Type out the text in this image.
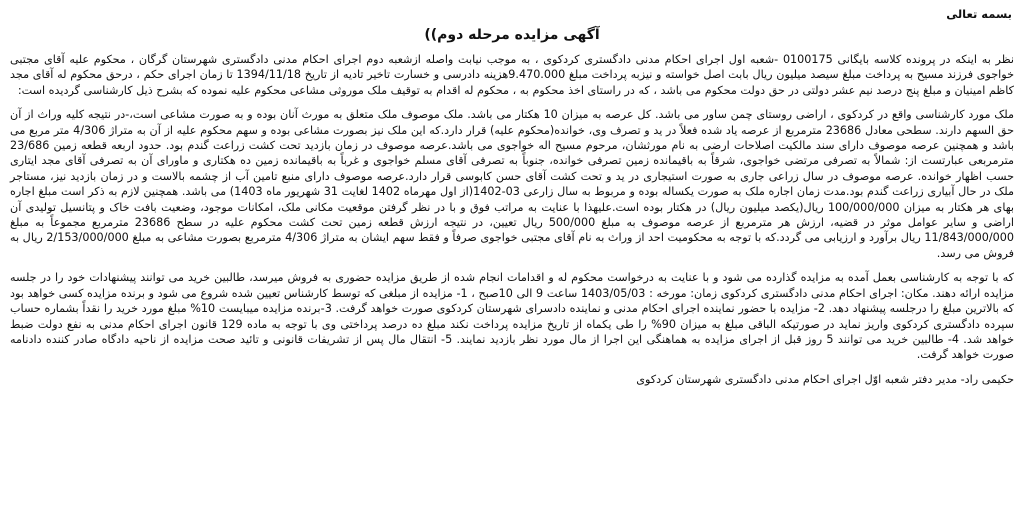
بسمه تعالی
آگهی مزایده مرحله دوم))

نظر به اینکه در پرونده کلاسه بایگانی 0100175 -شعبه اول اجرای احکام مدنی دادگستری کردکوی ، به موجب نیابت واصله ازشعبه دوم اجرای احکام مدنی دادگستری شهرستان گرگان ، محکوم علیه آقای مجتبی خواجوی فرزند مسیح به پرداخت مبلغ سیصد میلیون ریال بابت اصل خواسته و نیزبه پرداخت مبلغ 9.470.000هزینه دادرسی و خسارت تاخیر تادیه از تاریخ 1394/11/18 تا زمان اجرای حکم ، درحق محکوم له آقای مجد کاظم امینیان و مبلغ پنج درصد نیم عشر دولتی در حق دولت محکوم می باشد ، که در راستای اخذ محکوم به ، محکوم له اقدام به توقیف ملک موروثی مشاعی محکوم علیه نموده که بشرح ذیل کارشناسی گردیده است:

ملک مورد کارشناسی واقع در کردکوی ، اراضی روستای چمن ساور می باشد. کل عرصه به میزان 10 هکتار می باشد. ملک موصوف ملک متعلق به مورث آنان بوده و به صورت مشاعی است،-در نتیجه کلیه وراث از آن حق السهم دارند. سطحی معادل 23686 مترمربع از عرصه یاد شده فعلاً در ید و تصرف وی، خوانده(محکوم علیه) قرار دارد.که این ملک نیز بصورت مشاعی بوده و سهم محکوم علیه از آن به متراژ 4/306 متر مربع می باشد و همچنین عرصه موصوف دارای سند مالکیت اصلاحات ارضی به نام مورثشان، مرحوم مسیح اله خواجوی می باشد.عرصه موصوف در زمان بازدید تحت کشت زراعت گندم بود. حدود اربعه قطعه زمین 23/686 مترمربعی عبارتست از: شمالاً به تصرفی مرتضی خواجوی، شرقاً به باقیمانده زمین تصرفی خوانده، جنوباً به تصرفی آقای مسلم خواجوی و غرباً به باقیمانده زمین ده هکتاری و ماورای آن به تصرفی آقای مجد ایتاری حسب اظهار خوانده. عرصه موصوف در سال زراعی جاری به صورت استیجاری در ید و تحت کشت آقای حسن کابوسی قرار دارد.عرصه موصوف دارای منبع تامین آب از چشمه بالاست و در زمان بازدید نیز، مستاجر ملک در حال آبیاری زراعت گندم بود.مدت زمان اجاره ملک به صورت یکساله بوده و مربوط به سال زارعی 03-1402(از اول مهرماه 1402 لغایت 31 شهریور ماه 1403) می باشد. همچنین لازم به ذکر است مبلغ اجاره بهای هر هکتار به میزان 100/000/000 ریال(یکصد میلیون ریال) در هکتار بوده است.علیهذا با عنایت به مراتب فوق و با در نظر گرفتن موقعیت مکانی ملک، امکانات موجود، وضعیت بافت خاک و پتانسیل تولیدی آن اراضی و سایر عوامل موثر در قضیه، ارزش هر مترمربع از عرصه موصوف به مبلغ 500/000 ریال تعیین، در نتیجه ارزش قطعه زمین تحت کشت محکوم علیه در سطح 23686 مترمربع مجموعاً به مبلغ 11/843/000/000 ریال برآورد و ارزیابی می گردد.که با توجه به محکومیت احد از وراث به نام آقای مجتبی خواجوی صرفاً و فقط سهم ایشان به متراژ 4/306 مترمربع بصورت مشاعی به مبلغ 2/153/000/000 ریال به فروش می رسد.

که با توجه به کارشناسی بعمل آمده به مزایده گذارده می شود و با عنایت به درخواست محکوم له و اقدامات انجام شده از طریق مزایده حضوری به فروش میرسد، طالبین خرید می توانند پیشنهادات خود را در جلسه مزایده ارائه دهند. مکان: اجرای احکام مدنی دادگستری کردکوی زمان: مورخه : 1403/05/03 ساعت 9 الی 10صبح ، 1- مزایده از مبلغی که توسط کارشناس تعیین شده شروع می شود و برنده مزایده کسی خواهد بود که بالاترین مبلغ را درجلسه پیشنهاد دهد. 2- مزایده با حضور نماینده اجرای احکام مدنی و نماینده دادسرای شهرستان کردکوی صورت خواهد گرفت. 3-برنده مزایده میبایست 10% مبلغ مورد خرید را نقداً بشماره حساب سپرده دادگستری کردکوی واریز نماید در صورتیکه الباقی مبلغ به میزان 90% را طی یکماه از تاریخ مزایده پرداخت نکند مبلغ ده درصد پرداختی وی با توجه به ماده 129 قانون اجرای احکام مدنی به نفع دولت ضبط خواهد شد. 4- طالبین خرید می توانند 5 روز قبل از اجرای مزایده به هماهنگی این اجرا از مال مورد نظر بازدید نمایند. 5- انتقال مال پس از تشریفات قانونی و تائید صحت مزایده از ناحیه دادگاه صادر کننده دادنامه صورت خواهد گرفت.

حکیمی راد- مدیر دفتر شعبه اوّل اجرای احکام مدنی دادگستری شهرستان کردکوی
